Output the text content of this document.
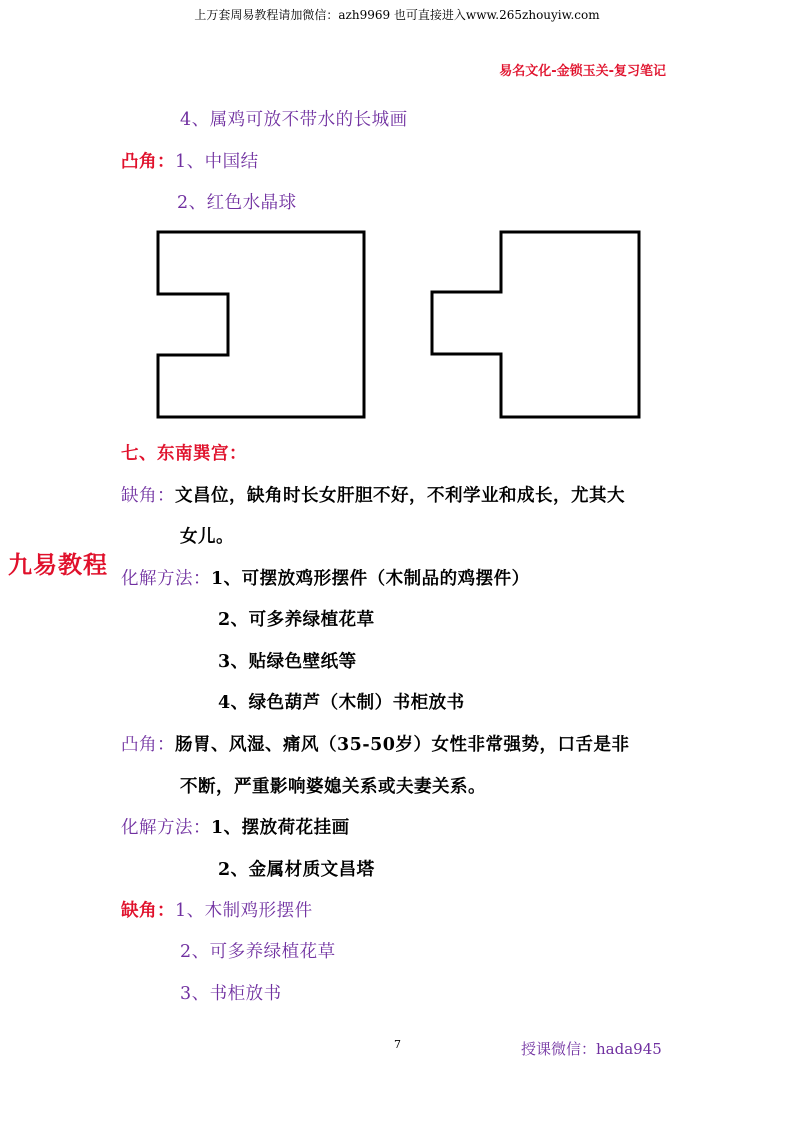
上万套周易教程请加微信：azh9969 也可直接进入www.265zhouyiw.com
易名文化-金锁玉关-复习笔记
4、属鸡可放不带水的长城画
凸角：1、中国结
2、红色水晶球
七、东南巽宫：
缺角：文昌位，缺角时长女肝胆不好，不利学业和成长，尤其大
女儿。
化解方法：1、可摆放鸡形摆件（木制品的鸡摆件）
九易教程
2、可多养绿植花草
3、贴绿色壁纸等
4、绿色葫芦（木制）书柜放书
凸角：肠胃、风湿、痛风（35-50岁）女性非常强势，口舌是非
不断，严重影响婆媳关系或夫妻关系。
化解方法：1、摆放荷花挂画
2、金属材质文昌塔
缺角：1、木制鸡形摆件
2、可多养绿植花草
3、书柜放书
7	授课微信：hada945
